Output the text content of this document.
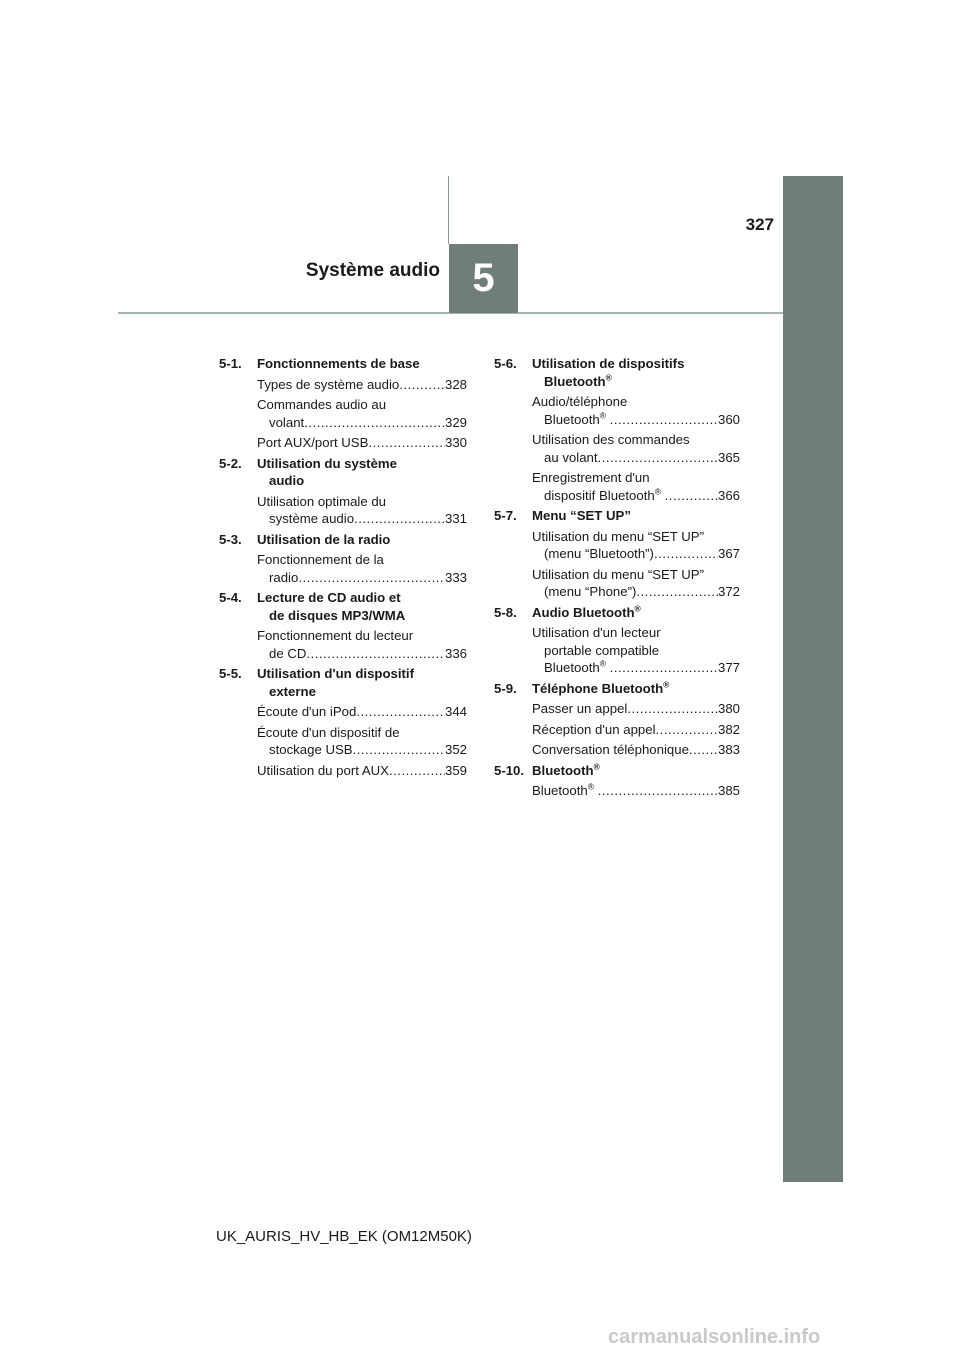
5
327
Système audio
5-1. Fonctionnements de base
Types de système audio .....	328
Commandes audio au
volant .....	329
Port AUX/port USB .....	330
5-2. Utilisation du système
audio
Utilisation optimale du
système audio .....	331
5-3. Utilisation de la radio
Fonctionnement de la
radio .....	333
5-4. Lecture de CD audio et
de disques MP3/WMA
Fonctionnement du lecteur
de CD .....	336
5-5. Utilisation d'un dispositif
externe
Écoute d'un iPod .....	344
Écoute d'un dispositif de
stockage USB .....	352
Utilisation du port AUX .....	359
5-6. Utilisation de dispositifs
Bluetooth®
Audio/téléphone
Bluetooth® .....	360
Utilisation des commandes
au volant .....	365
Enregistrement d'un
dispositif Bluetooth® .....	366
5-7. Menu “SET UP”
Utilisation du menu “SET UP”
(menu “Bluetooth”) .....	367
Utilisation du menu “SET UP”
(menu “Phone”) .....	372
5-8. Audio Bluetooth®
Utilisation d'un lecteur
portable compatible
Bluetooth® .....	377
5-9. Téléphone Bluetooth®
Passer un appel .....	380
Réception d'un appel .....	382
Conversation téléphonique .....	383
5-10. Bluetooth®
Bluetooth® .....	385
UK_AURIS_HV_HB_EK (OM12M50K)
carmanualsonline.info
